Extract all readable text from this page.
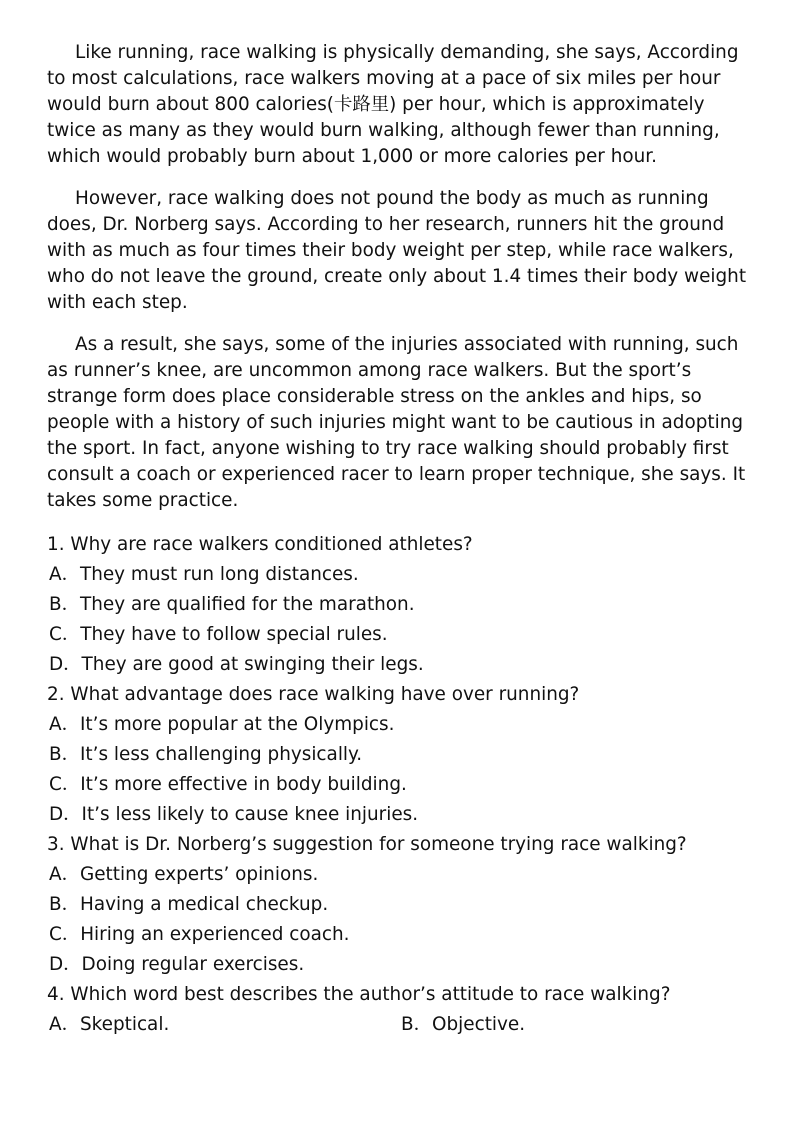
Like running, race walking is physically demanding, she says, According to most calculations, race walkers moving at a pace of six miles per hour would burn about 800 calories(卡路里) per hour, which is approximately twice as many as they would burn walking, although fewer than running, which would probably burn about 1,000 or more calories per hour.

However, race walking does not pound the body as much as running does, Dr. Norberg says. According to her research, runners hit the ground with as much as four times their body weight per step, while race walkers, who do not leave the ground, create only about 1.4 times their body weight with each step.

As a result, she says, some of the injuries associated with running, such as runner’s knee, are uncommon among race walkers. But the sport’s strange form does place considerable stress on the ankles and hips, so people with a history of such injuries might want to be cautious in adopting the sport. In fact, anyone wishing to try race walking should probably first consult a coach or experienced racer to learn proper technique, she says. It takes some practice.

1. Why are race walkers conditioned athletes?

A．They must run long distances.
B．They are qualified for the marathon.
C．They have to follow special rules.
D．They are good at swinging their legs.

2. What advantage does race walking have over running?

A．It’s more popular at the Olympics.
B．It’s less challenging physically.
C．It’s more effective in body building.
D．It’s less likely to cause knee injuries.

3. What is Dr. Norberg’s suggestion for someone trying race walking?

A．Getting experts’ opinions.
B．Having a medical checkup.
C．Hiring an experienced coach.
D．Doing regular exercises.

4. Which word best describes the author’s attitude to race walking?

A．Skeptical.	B．Objective.
